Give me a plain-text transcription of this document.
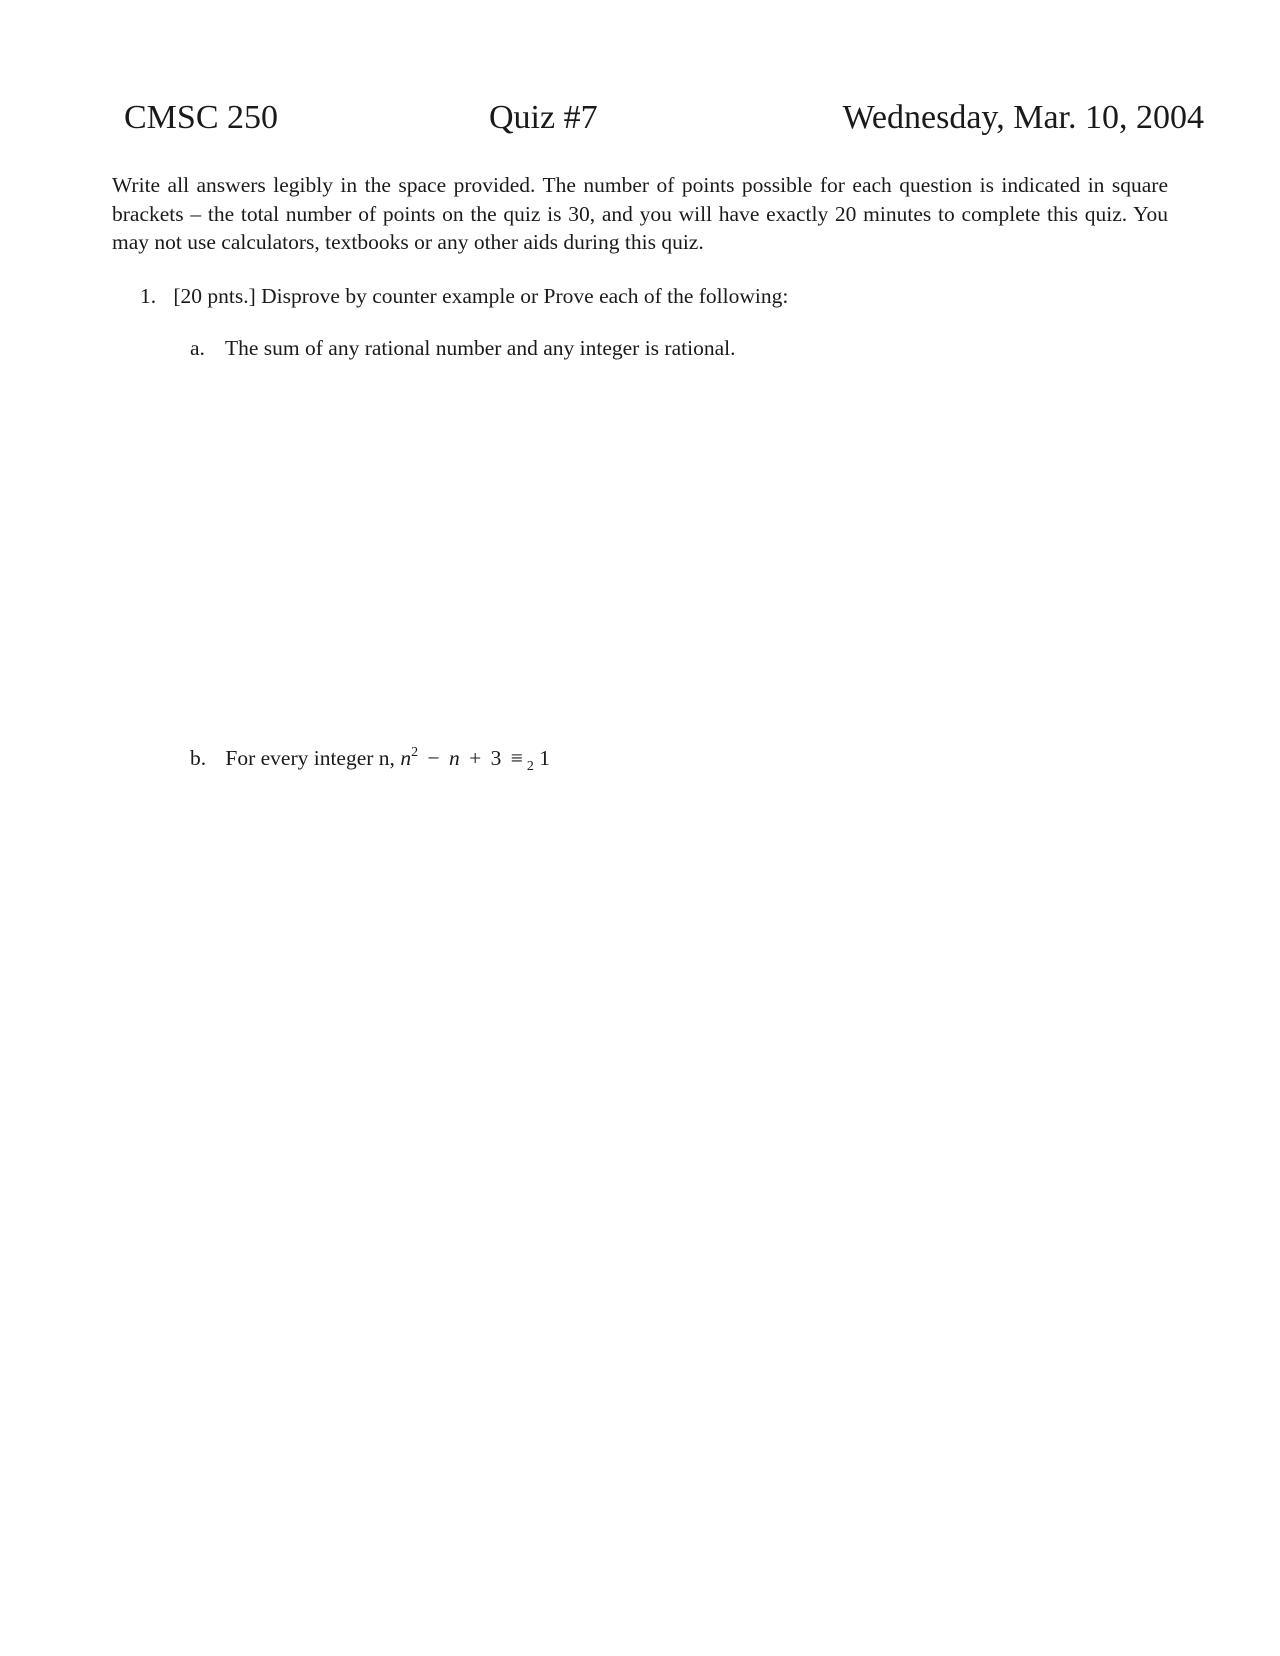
CMSC 250	Quiz #7	Wednesday, Mar. 10, 2004
Write all answers legibly in the space provided. The number of points possible for each question is indicated in square brackets – the total number of points on the quiz is 30, and you will have exactly 20 minutes to complete this quiz. You may not use calculators, textbooks or any other aids during this quiz.
1. [20 pnts.] Disprove by counter example or Prove each of the following:
a. The sum of any rational number and any integer is rational.
b. For every integer n, $n^2 - n + 3 \equiv _2$ 1
